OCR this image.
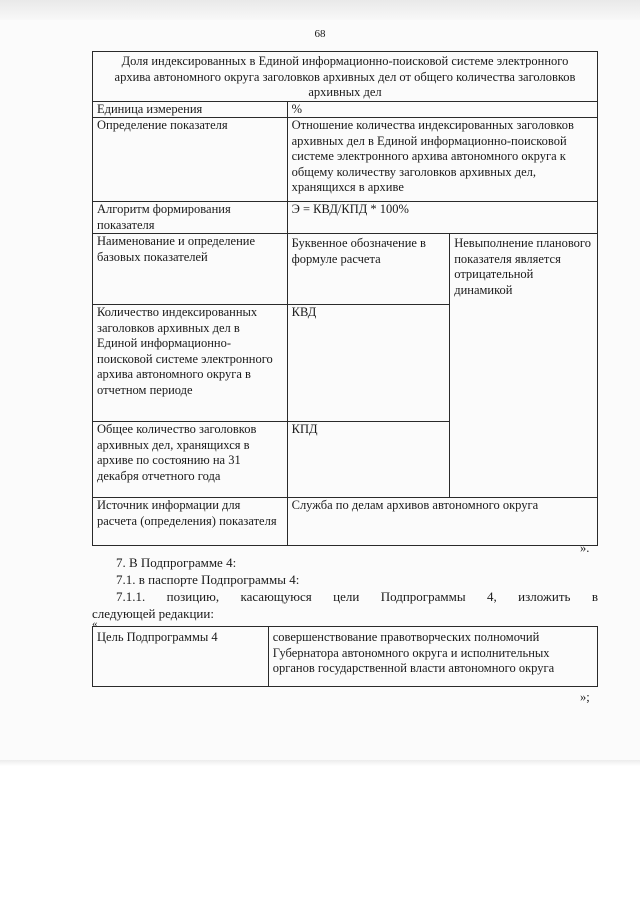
68
Доля индексированных в Единой информационно-поисковой системе электронного архива автономного округа заголовков архивных дел от общего количества заголовков архивных дел		
Единица измерения	%	
Определение показателя	Отношение количества индексированных заголовков архивных дел в Единой информационно-поисковой системе электронного архива автономного округа к общему количеству заголовков архивных дел, хранящихся в архиве	
Алгоритм формирования показателя	Э = КВД/КПД * 100%	
Наименование и определение базовых показателей	Буквенное обозначение в формуле расчета	Невыполнение планового показателя является отрицательной динамикой
Количество индексированных заголовков архивных дел в Единой информационно-поисковой системе электронного архива автономного округа в отчетном периоде	КВД	
Общее количество заголовков архивных дел, хранящихся в архиве по состоянию на 31 декабря отчетного года	КПД	
Источник информации для расчета (определения) показателя	Служба по делам архивов автономного округа	
».
7. В Подпрограмме 4:
7.1. в паспорте Подпрограммы 4:
7.1.1. позицию, касающуюся цели Подпрограммы 4, изложить в
следующей редакции:
«
Цель Подпрограммы 4	совершенствование правотворческих полномочий Губернатора автономного округа и исполнительных органов государственной власти автономного округа
»;
